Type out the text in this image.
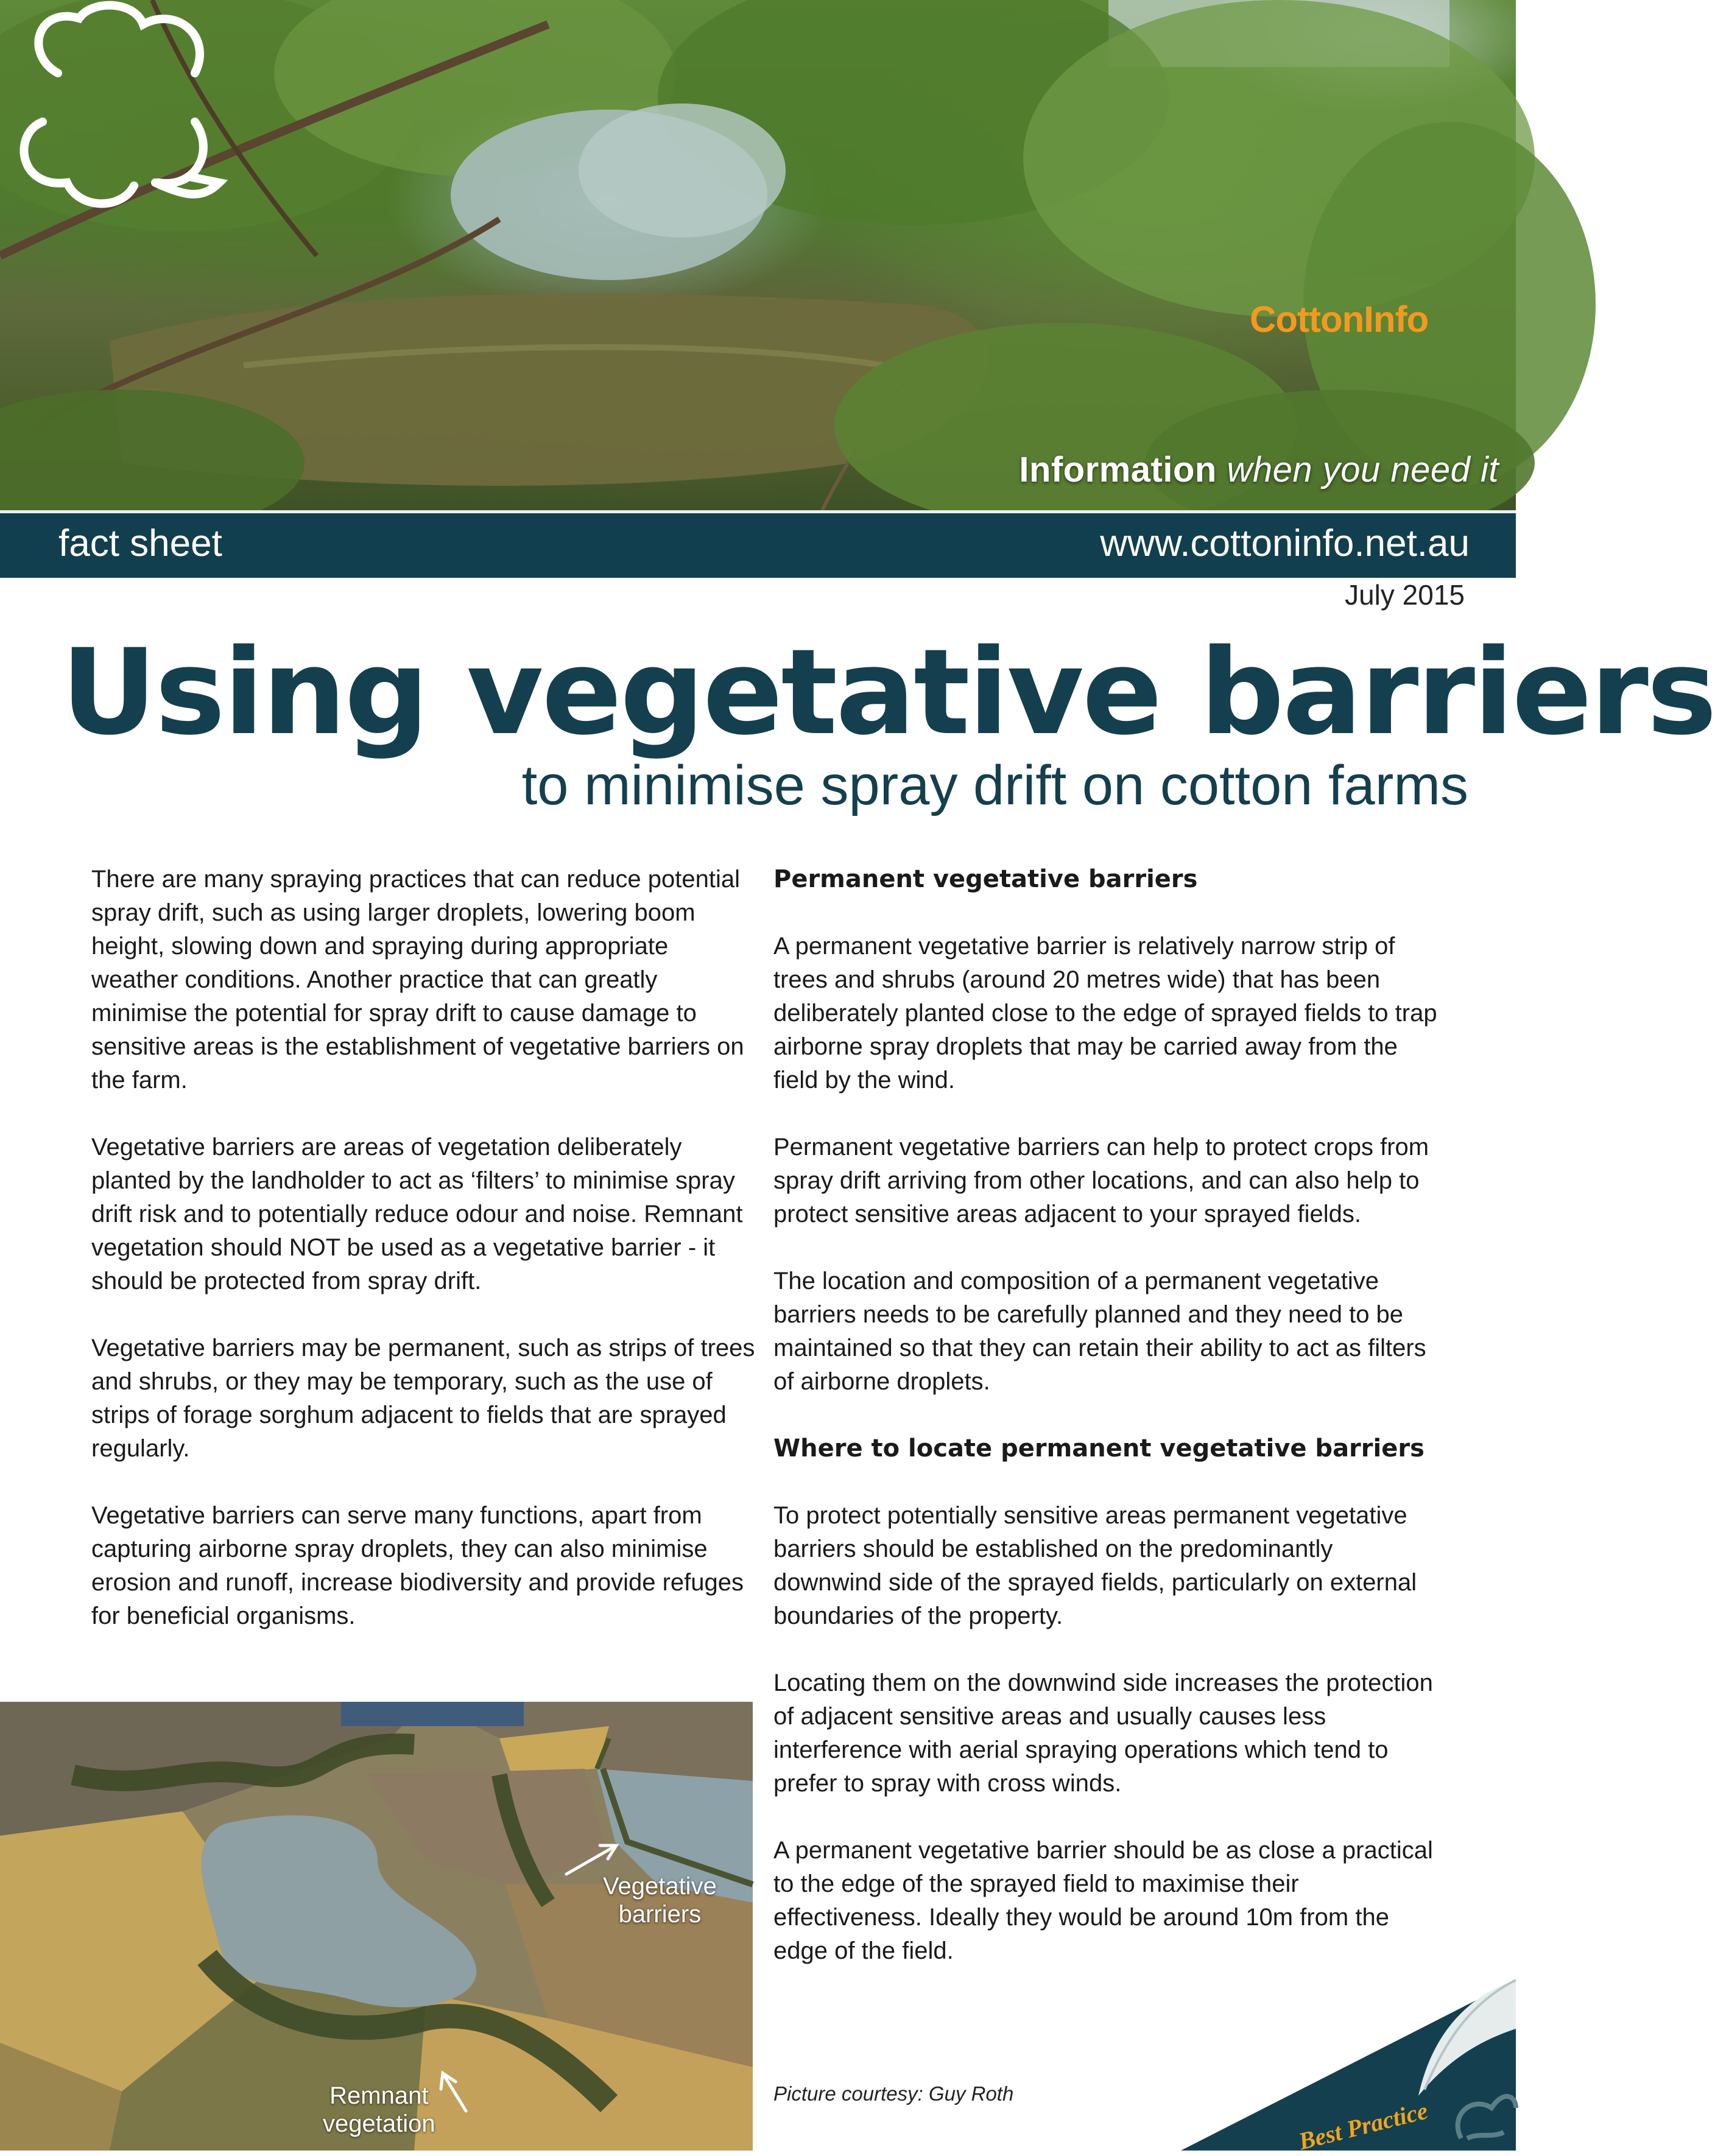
CottonInfo
Information when you need it
fact sheet	www.cottoninfo.net.au
July 2015
Using vegetative barriers
to minimise spray drift on cotton farms

There are many spraying practices that can reduce potential spray drift, such as using larger droplets, lowering boom height, slowing down and spraying during appropriate weather conditions. Another practice that can greatly minimise the potential for spray drift to cause damage to sensitive areas is the establishment of vegetative barriers on the farm.

Vegetative barriers are areas of vegetation deliberately planted by the landholder to act as ‘filters’ to minimise spray drift risk and to potentially reduce odour and noise. Remnant vegetation should NOT be used as a vegetative barrier - it should be protected from spray drift.

Vegetative barriers may be permanent, such as strips of trees and shrubs, or they may be temporary, such as the use of strips of forage sorghum adjacent to fields that are sprayed regularly.

Vegetative barriers can serve many functions, apart from capturing airborne spray droplets, they can also minimise erosion and runoff, increase biodiversity and provide refuges for beneficial organisms.

Permanent vegetative barriers

A permanent vegetative barrier is relatively narrow strip of trees and shrubs (around 20 metres wide) that has been deliberately planted close to the edge of sprayed fields to trap airborne spray droplets that may be carried away from the field by the wind.

Permanent vegetative barriers can help to protect crops from spray drift arriving from other locations, and can also help to protect sensitive areas adjacent to your sprayed fields.

The location and composition of a permanent vegetative barriers needs to be carefully planned and they need to be maintained so that they can retain their ability to act as filters of airborne droplets.

Where to locate permanent vegetative barriers

To protect potentially sensitive areas permanent vegetative barriers should be established on the predominantly downwind side of the sprayed fields, particularly on external boundaries of the property.

Locating them on the downwind side increases the protection of adjacent sensitive areas and usually causes less interference with aerial spraying operations which tend to prefer to spray with cross winds.

A permanent vegetative barrier should be as close a practical to the edge of the sprayed field to maximise their effectiveness. Ideally they would be around 10m from the edge of the field.

Picture courtesy: Guy Roth
Vegetative
barriers
Remnant
vegetation	Best Practice
